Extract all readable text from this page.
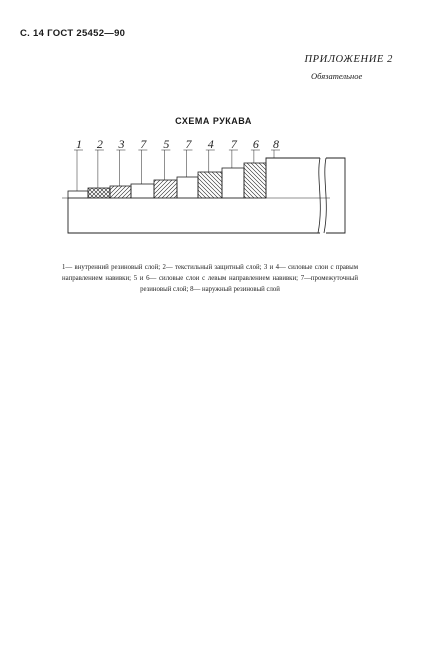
С. 14 ГОСТ 25452—90
ПРИЛОЖЕНИЕ 2
Обязательное
СХЕМА РУКАВА
1 2 3 7 5 7 4 7 6 8
1— внутренний резиновый слой; 2— текстильный защитный слой; 3 и 4— силовые слои с правым направлением навивки; 5 и 6— силовые слои с левым направлением навивки; 7—промежуточный резиновый слой; 8— наружный резиновый слой
